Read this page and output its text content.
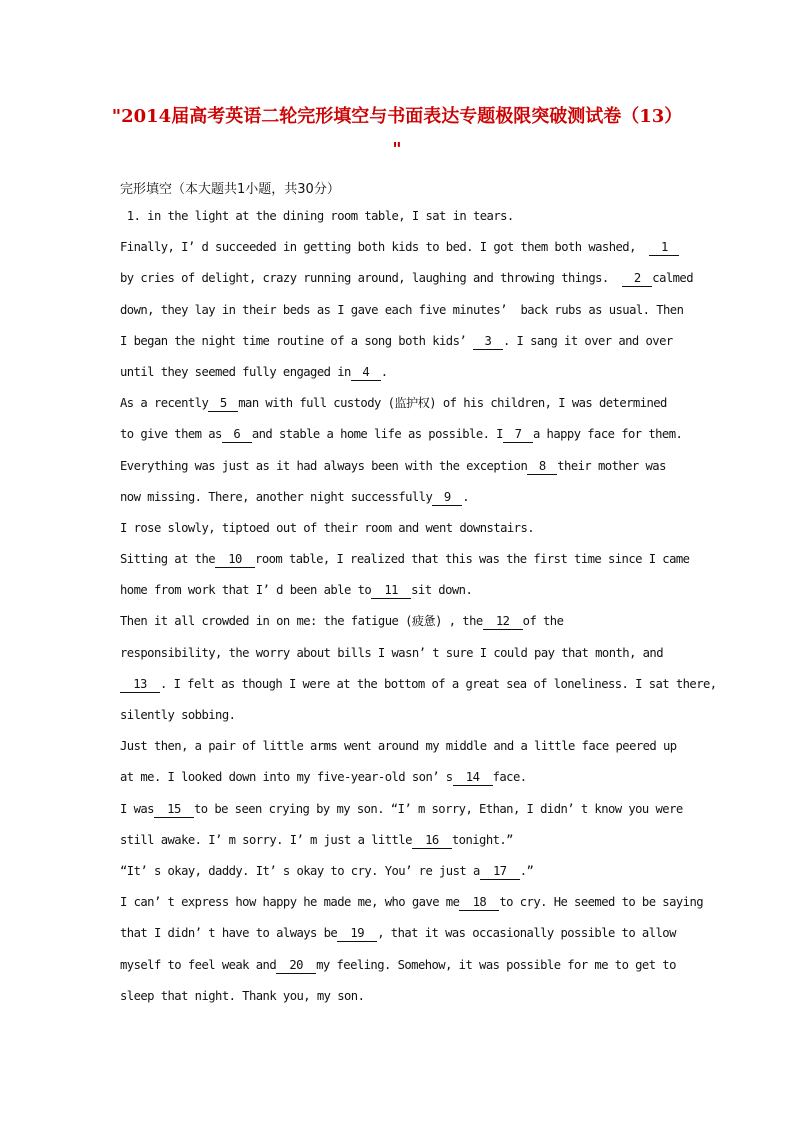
"2014届高考英语二轮完形填空与书面表达专题极限突破测试卷（13）
"
完形填空（本大题共1小题，共30分）
1. in the light at the dining room table, I sat in tears.
Finally, I’ d succeeded in getting both kids to bed. I got them both washed,  1
by cries of delight, crazy running around, laughing and throwing things.  2 calmed
down, they lay in their beds as I gave each five minutes’  back rubs as usual. Then
I began the night time routine of a song both kids’ 3 . I sang it over and over
until they seemed fully engaged in 4 .
As a recently 5 man with full custody (监护权) of his children, I was determined
to give them as 6 and stable a home life as possible. I 7 a happy face for them.
Everything was just as it had always been with the exception 8 their mother was
now missing. There, another night successfully 9 .
I rose slowly, tiptoed out of their room and went downstairs.
Sitting at the 10 room table, I realized that this was the first time since I came
home from work that I’ d been able to 11 sit down.
Then it all crowded in on me: the fatigue (疲惫) , the 12 of the
responsibility, the worry about bills I wasn’ t sure I could pay that month, and
13 . I felt as though I were at the bottom of a great sea of loneliness. I sat there,
silently sobbing.
Just then, a pair of little arms went around my middle and a little face peered up
at me. I looked down into my five-year-old son’ s 14 face.
I was 15 to be seen crying by my son. “I’ m sorry, Ethan, I didn’ t know you were
still awake. I’ m sorry. I’ m just a little 16 tonight.”
“It’ s okay, daddy. It’ s okay to cry. You’ re just a 17 .”
I can’ t express how happy he made me, who gave me 18 to cry. He seemed to be saying
that I didn’ t have to always be 19 , that it was occasionally possible to allow
myself to feel weak and 20 my feeling. Somehow, it was possible for me to get to
sleep that night. Thank you, my son.
